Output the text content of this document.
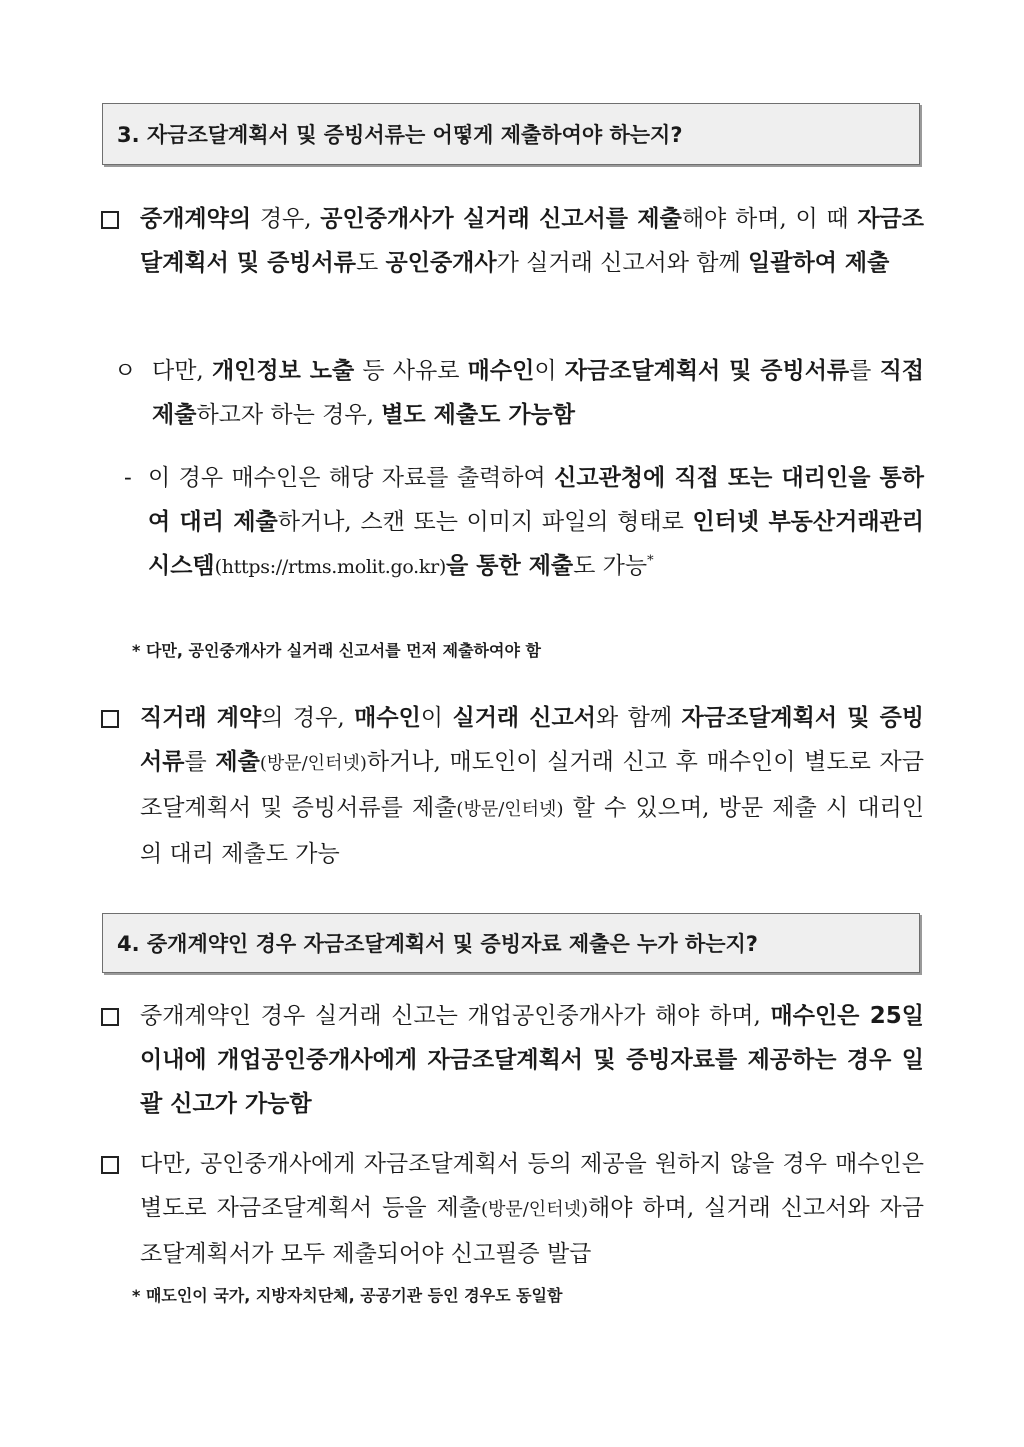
3. 자금조달계획서 및 증빙서류는 어떻게 제출하여야 하는지?
중개계약의 경우, 공인중개사가 실거래 신고서를 제출해야 하며, 이 때 자금조달계획서 및 증빙서류도 공인중개사가 실거래 신고서와 함께 일괄하여 제출
ㅇ 다만, 개인정보 노출 등 사유로 매수인이 자금조달계획서 및 증빙서류를 직접 제출하고자 하는 경우, 별도 제출도 가능함
- 이 경우 매수인은 해당 자료를 출력하여 신고관청에 직접 또는 대리인을 통하여 대리 제출하거나, 스캔 또는 이미지 파일의 형태로 인터넷 부동산거래관리시스템(https://rtms.molit.go.kr)을 통한 제출도 가능*
* 다만, 공인중개사가 실거래 신고서를 먼저 제출하여야 함
직거래 계약의 경우, 매수인이 실거래 신고서와 함께 자금조달계획서 및 증빙서류를 제출(방문/인터넷)하거나, 매도인이 실거래 신고 후 매수인이 별도로 자금조달계획서 및 증빙서류를 제출(방문/인터넷) 할 수 있으며, 방문 제출 시 대리인의 대리 제출도 가능
4. 중개계약인 경우 자금조달계획서 및 증빙자료 제출은 누가 하는지?
중개계약인 경우 실거래 신고는 개업공인중개사가 해야 하며, 매수인은 25일 이내에 개업공인중개사에게 자금조달계획서 및 증빙자료를 제공하는 경우 일괄 신고가 가능함
다만, 공인중개사에게 자금조달계획서 등의 제공을 원하지 않을 경우 매수인은 별도로 자금조달계획서 등을 제출(방문/인터넷)해야 하며, 실거래 신고서와 자금조달계획서가 모두 제출되어야 신고필증 발급
* 매도인이 국가, 지방자치단체, 공공기관 등인 경우도 동일함
